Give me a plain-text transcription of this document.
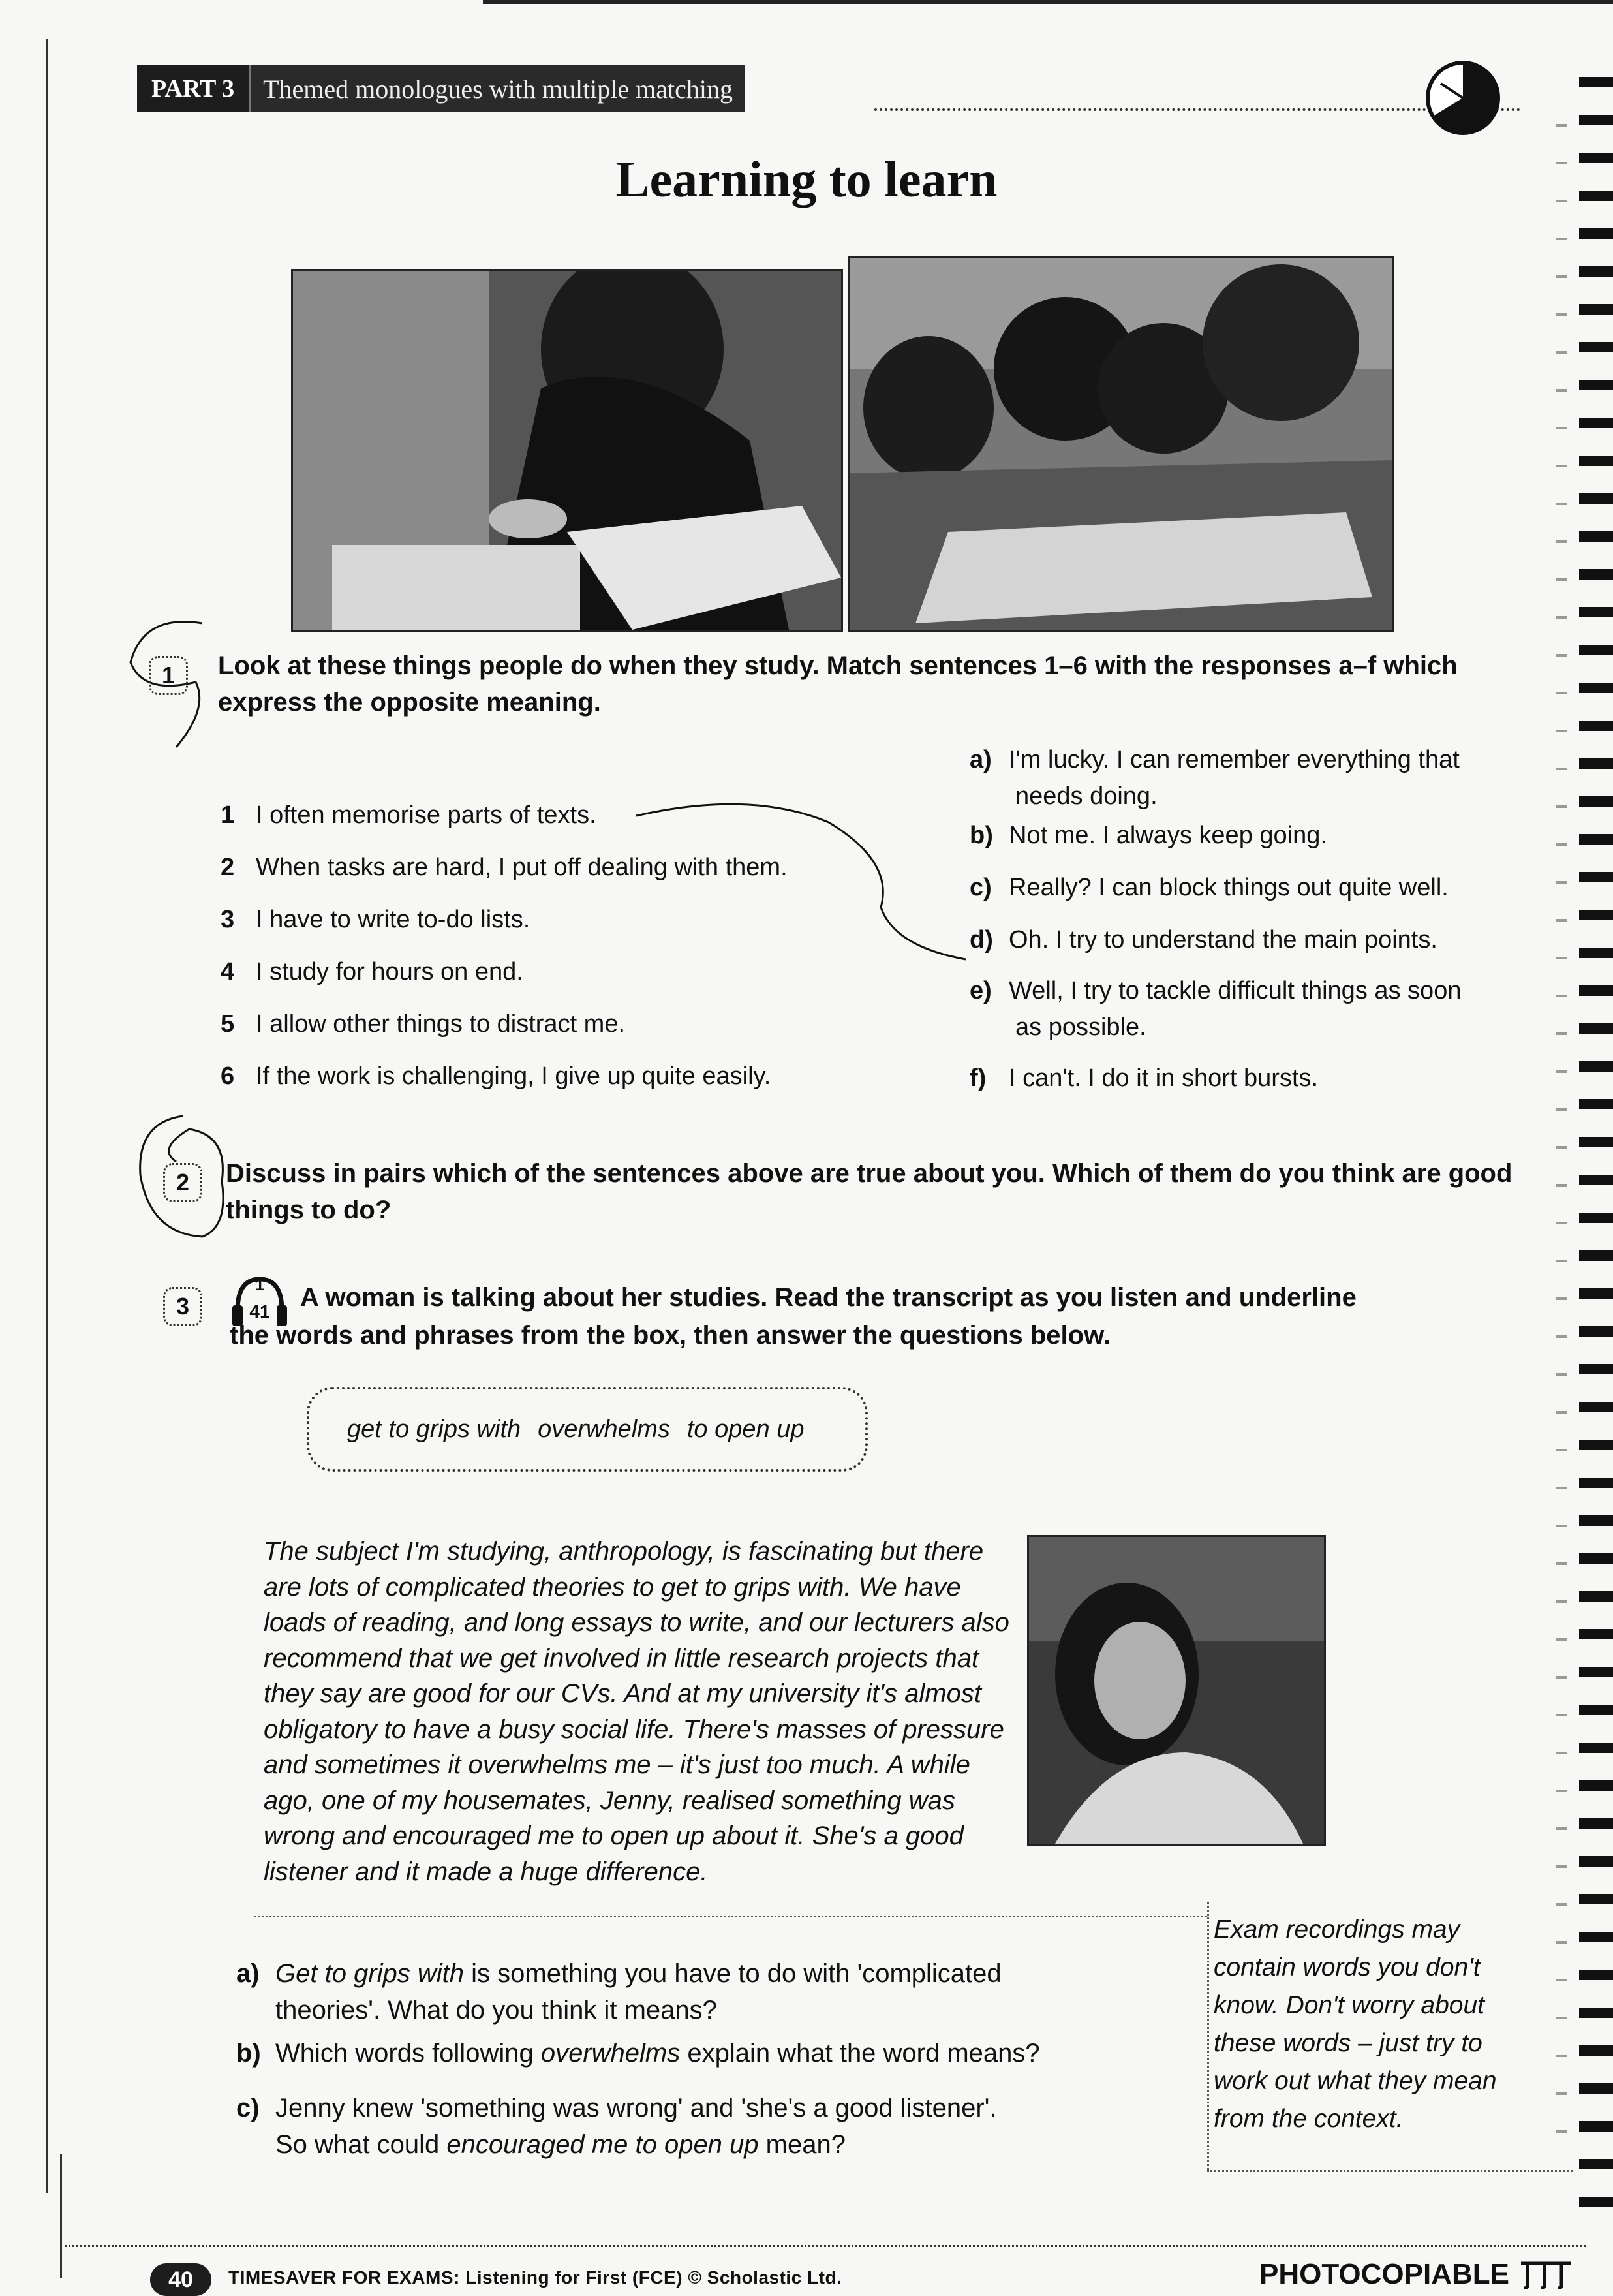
PART 3	Themed monologues with multiple matching
Learning to learn
1	Look at these things people do when they study. Match sentences 1–6 with the responses a–f which
express the opposite meaning.
1 I often memorise parts of texts.
2 When tasks are hard, I put off dealing with them.
3 I have to write to-do lists.
4 I study for hours on end.
5 I allow other things to distract me.
6 If the work is challenging, I give up quite easily.
a) I'm lucky. I can remember everything that
needs doing.
b) Not me. I always keep going.
c) Really? I can block things out quite well.
d) Oh. I try to understand the main points.
e) Well, I try to tackle difficult things as soon
as possible.
f) I can't. I do it in short bursts.
2	Discuss in pairs which of the sentences above are true about you. Which of them do you think are good
things to do?
3
1
41	A woman is talking about her studies. Read the transcript as you listen and underline
the words and phrases from the box, then answer the questions below.
get to grips with overwhelms to open up
The subject I'm studying, anthropology, is fascinating but there
are lots of complicated theories to get to grips with. We have
loads of reading, and long essays to write, and our lecturers also
recommend that we get involved in little research projects that
they say are good for our CVs. And at my university it's almost
obligatory to have a busy social life. There's masses of pressure
and sometimes it overwhelms me – it's just too much. A while
ago, one of my housemates, Jenny, realised something was
wrong and encouraged me to open up about it. She's a good
listener and it made a huge difference.
a) Get to grips with is something you have to do with 'complicated
theories'. What do you think it means?
b) Which words following overwhelms explain what the word means?
c) Jenny knew 'something was wrong' and 'she's a good listener'.
So what could encouraged me to open up mean?
Exam recordings may
contain words you don't
know. Don't worry about
these words – just try to
work out what they mean
from the context.
40	TIMESAVER FOR EXAMS: Listening for First (FCE) © Scholastic Ltd.	PHOTOCOPIABLE
